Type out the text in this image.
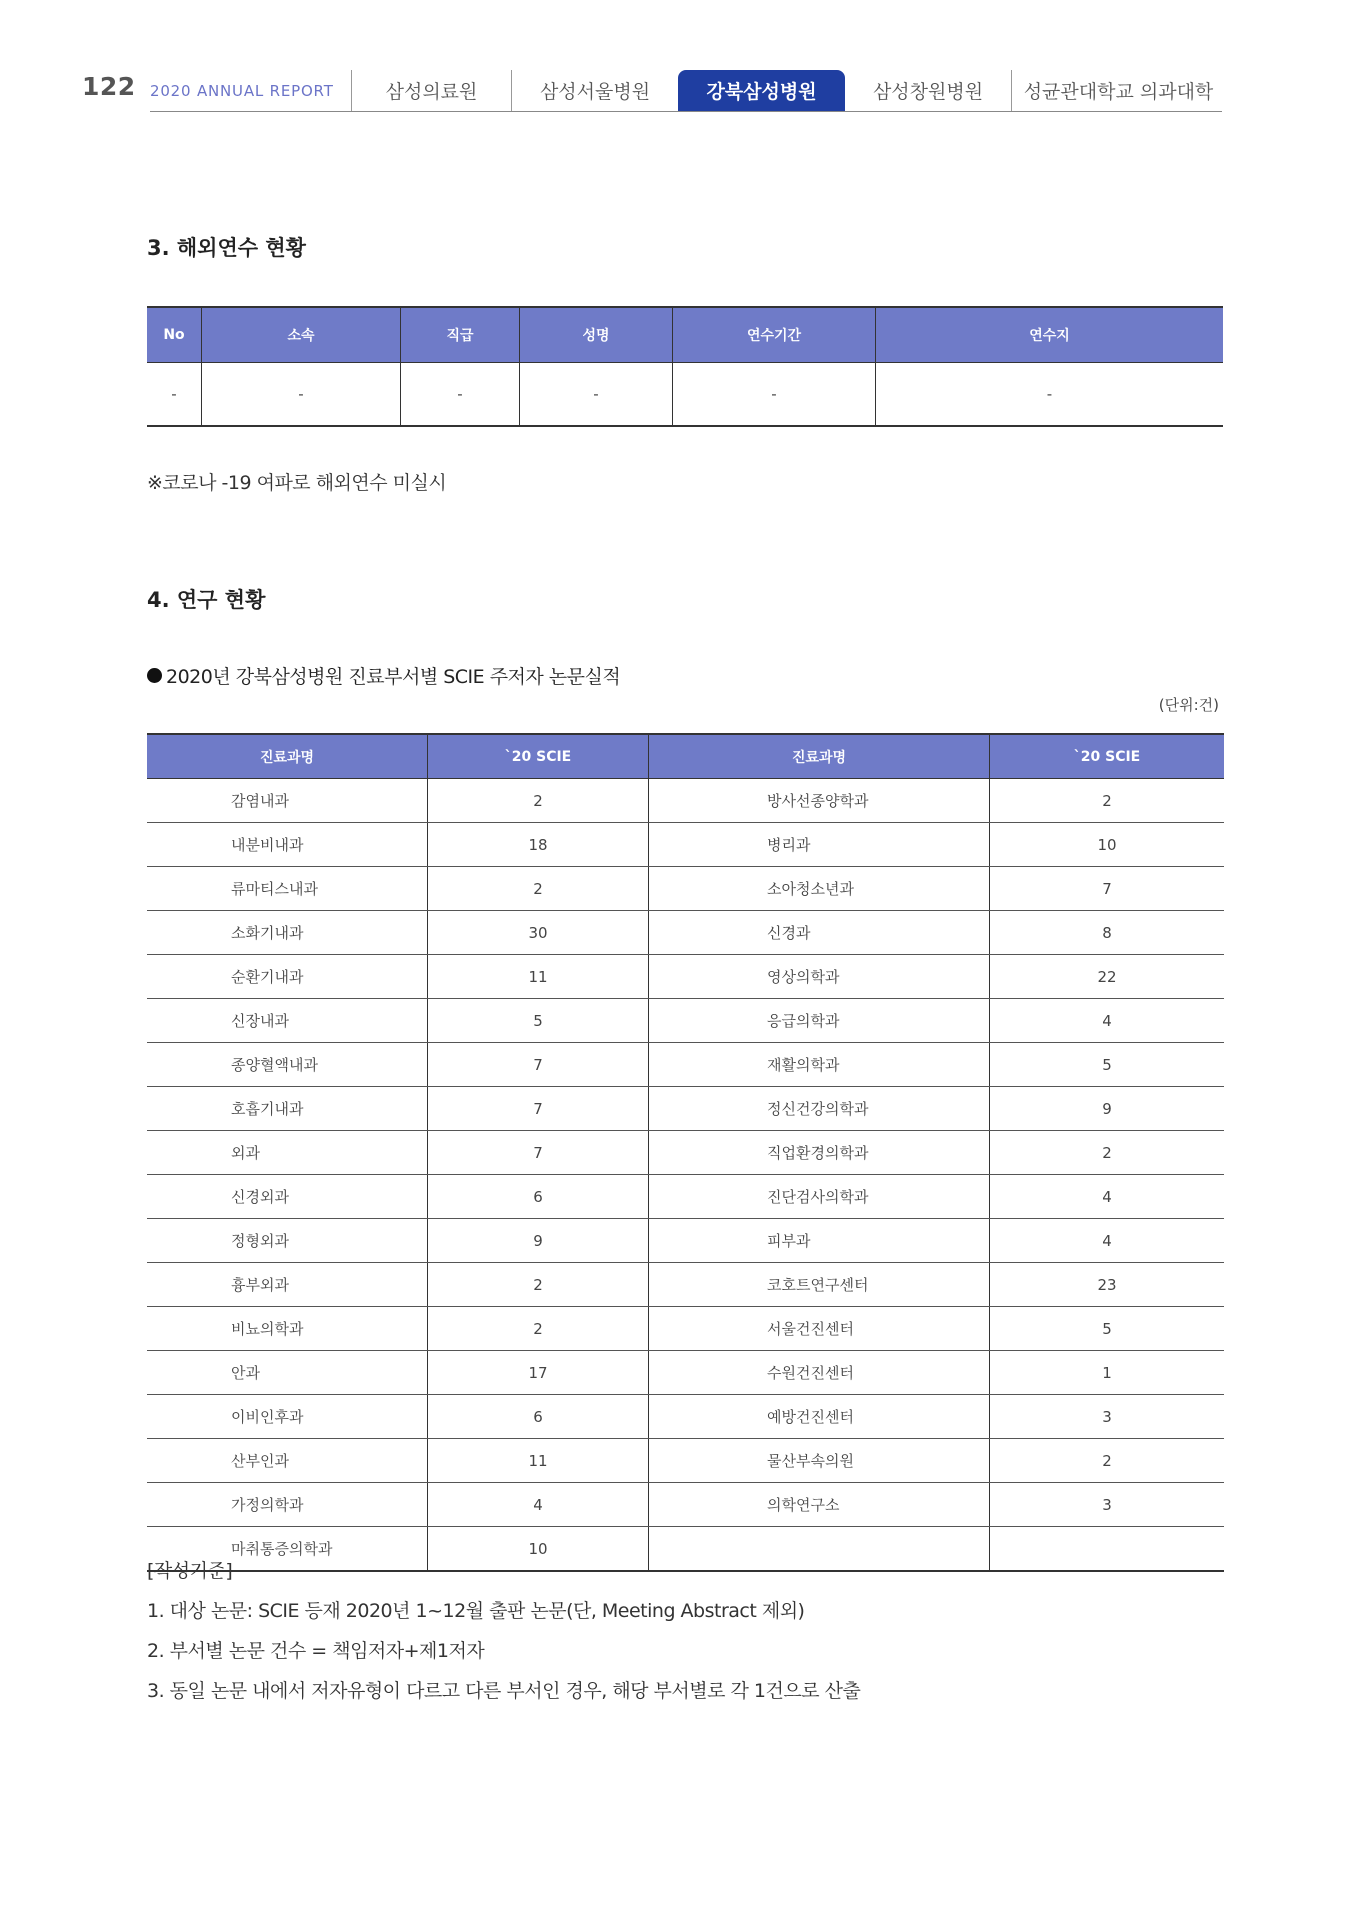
122 2020 ANNUAL REPORT	삼성의료원	삼성서울병원	강북삼성병원	삼성창원병원 성균관대학교 의과대학
3. 해외연수 현황
No	소속	직급	성명	연수기간	연수지
-	-	-	-	-	-
※코로나 -19 여파로 해외연수 미실시
4. 연구 현황
2020년 강북삼성병원 진료부서별 SCIE 주저자 논문실적
(단위:건)
진료과명	`20 SCIE	진료과명	`20 SCIE
감염내과	2	방사선종양학과	2
내분비내과	18	병리과	10
류마티스내과	2	소아청소년과	7
소화기내과	30	신경과	8
순환기내과	11	영상의학과	22
신장내과	5	응급의학과	4
종양혈액내과	7	재활의학과	5
호흡기내과	7	정신건강의학과	9
외과	7	직업환경의학과	2
신경외과	6	진단검사의학과	4
정형외과	9	피부과	4
흉부외과	2	코호트연구센터	23
비뇨의학과	2	서울건진센터	5
안과	17	수원건진센터	1
이비인후과	6	예방건진센터	3
산부인과	11	물산부속의원	2
가정의학과	4	의학연구소	3
마취통증의학과	10		
[작성기준]
1. 대상 논문: SCIE 등재 2020년 1~12월 출판 논문(단, Meeting Abstract 제외)
2. 부서별 논문 건수 = 책임저자+제1저자
3. 동일 논문 내에서 저자유형이 다르고 다른 부서인 경우, 해당 부서별로 각 1건으로 산출
